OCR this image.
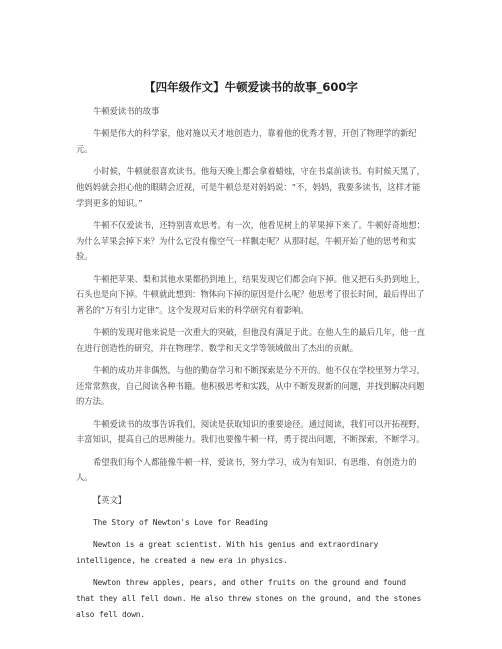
【四年级作文】牛顿爱读书的故事_600字

牛顿爱读书的故事

牛顿是伟大的科学家，他对施以天才地创造力，靠着他的优秀才智，开创了物理学的新纪元。

小时候，牛顿就很喜欢读书。他每天晚上都会拿着蜡烛，守在书桌前读书。有时候天黑了，他妈妈就会担心他的眼睛会近视，可是牛顿总是对妈妈说：“不，妈妈，我要多读书，这样才能学到更多的知识。”

牛顿不仅爱读书，还特别喜欢思考。有一次，他看见树上的苹果掉下来了。牛顿好奇地想：为什么苹果会掉下来？为什么它没有像空气一样飘走呢？从那时起，牛顿开始了他的思考和实验。

牛顿把苹果、梨和其他水果都扔到地上，结果发现它们都会向下掉。他又把石头扔到地上，石头也是向下掉。牛顿就此想到：物体向下掉的原因是什么呢？他思考了很长时间，最后得出了著名的“万有引力定律”。这个发现对后来的科学研究有着影响。

牛顿的发现对他来说是一次重大的突破，但他没有满足于此。在他人生的最后几年，他一直在进行创造性的研究，并在物理学、数学和天文学等领域做出了杰出的贡献。

牛顿的成功并非偶然，与他的勤奋学习和不断探索是分不开的。他不仅在学校里努力学习，还常常熬夜，自己阅读各种书籍。他积极思考和实践，从中不断发现新的问题，并找到解决问题的方法。

牛顿爱读书的故事告诉我们，阅读是获取知识的重要途径。通过阅读，我们可以开拓视野，丰富知识，提高自己的思辨能力。我们也要像牛顿一样，勇于提出问题，不断探索，不断学习。

希望我们每个人都能像牛顿一样，爱读书，努力学习，成为有知识、有思维、有创造力的人。

【英文】

The Story of Newton's Love for Reading

Newton is a great scientist. With his genius and extraordinary intelligence, he created a new era in physics.

Newton threw apples, pears, and other fruits on the ground and found that they all fell down. He also threw stones on the ground, and the stones also fell down.
